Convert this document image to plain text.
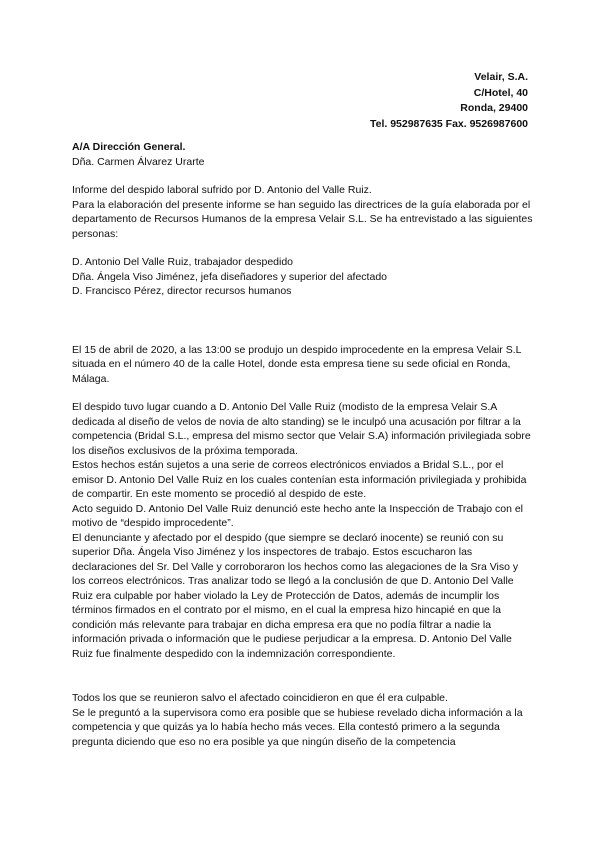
Velair, S.A.
C/Hotel, 40
Ronda, 29400
Tel. 952987635 Fax. 9526987600

A/A Dirección General.

Dña. Carmen Álvarez Urarte

Informe del despido laboral sufrido por D. Antonio del Valle Ruiz.

Para la elaboración del presente informe se han seguido las directrices de la guía elaborada por el departamento de Recursos Humanos de la empresa Velair S.L. Se ha entrevistado a las siguientes personas:

D. Antonio Del Valle Ruiz, trabajador despedido

Dña. Ángela Viso Jiménez, jefa diseñadores y superior del afectado

D. Francisco Pérez, director recursos humanos

El 15 de abril de 2020, a las 13:00 se produjo un despido improcedente en la empresa Velair S.L situada en el número 40 de la calle Hotel, donde esta empresa tiene su sede oficial en Ronda, Málaga.

El despido tuvo lugar cuando a D. Antonio Del Valle Ruiz (modisto de la empresa Velair S.A dedicada al diseño de velos de novia de alto standing) se le inculpó una acusación por filtrar a la competencia (Bridal S.L., empresa del mismo sector que Velair S.A) información privilegiada sobre los diseños exclusivos de la próxima temporada.

Estos hechos están sujetos a una serie de correos electrónicos enviados a Bridal S.L., por el emisor D. Antonio Del Valle Ruiz en los cuales contenían esta información privilegiada y prohibida de compartir. En este momento se procedió al despido de este.

Acto seguido D. Antonio Del Valle Ruiz denunció este hecho ante la Inspección de Trabajo con el motivo de “despido improcedente”.

El denunciante y afectado por el despido (que siempre se declaró inocente) se reunió con su superior Dña. Ángela Viso Jiménez y los inspectores de trabajo. Estos escucharon las declaraciones del Sr. Del Valle y corroboraron los hechos como las alegaciones de la Sra Viso y los correos electrónicos. Tras analizar todo se llegó a la conclusión de que D. Antonio Del Valle Ruiz era culpable por haber violado la Ley de Protección de Datos, además de incumplir los términos firmados en el contrato por el mismo, en el cual la empresa hizo hincapié en que la condición más relevante para trabajar en dicha empresa era que no podía filtrar a nadie la información privada o información que le pudiese perjudicar a la empresa. D. Antonio Del Valle Ruiz fue finalmente despedido con la indemnización correspondiente.

Todos los que se reunieron salvo el afectado coincidieron en que él era culpable.

Se le preguntó a la supervisora como era posible que se hubiese revelado dicha información a la competencia y que quizás ya lo había hecho más veces. Ella contestó primero a la segunda pregunta diciendo que eso no era posible ya que ningún diseño de la competencia
